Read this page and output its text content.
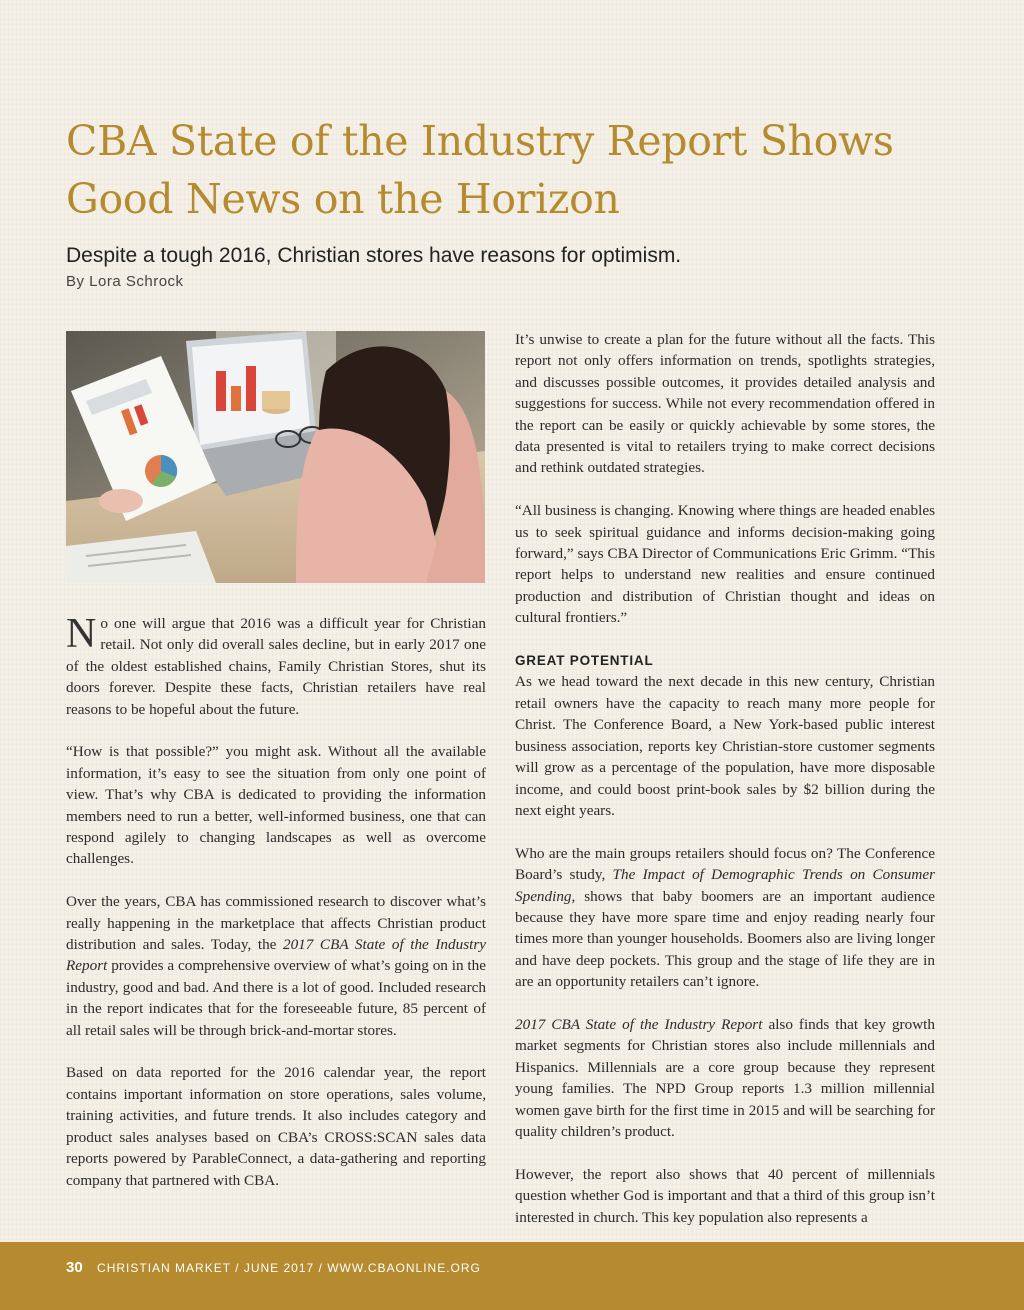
CBA State of the Industry Report Shows
Good News on the Horizon
Despite a tough 2016, Christian stores have reasons for optimism.
By Lora Schrock

No one will argue that 2016 was a difficult year for Christian retail. Not only did overall sales decline, but in early 2017 one of the oldest established chains, Family Christian Stores, shut its doors forever. Despite these facts, Christian retailers have real reasons to be hopeful about the future.

“How is that possible?” you might ask. Without all the available information, it’s easy to see the situation from only one point of view. That’s why CBA is dedicated to providing the information members need to run a better, well-informed business, one that can respond agilely to changing landscapes as well as overcome challenges.

Over the years, CBA has commissioned research to discover what’s really happening in the marketplace that affects Christian product distribution and sales. Today, the 2017 CBA State of the Industry Report provides a comprehensive overview of what’s going on in the industry, good and bad. And there is a lot of good. Included research in the report indicates that for the foreseeable future, 85 percent of all retail sales will be through brick-and-mortar stores.

Based on data reported for the 2016 calendar year, the report contains important information on store operations, sales volume, training activities, and future trends. It also includes category and product sales analyses based on CBA’s CROSS:SCAN sales data reports powered by ParableConnect, a data-gathering and reporting company that partnered with CBA.

It’s unwise to create a plan for the future without all the facts. This report not only offers information on trends, spotlights strategies, and discusses possible outcomes, it provides detailed analysis and suggestions for success. While not every recommendation offered in the report can be easily or quickly achievable by some stores, the data presented is vital to retailers trying to make correct decisions and rethink outdated strategies.

“All business is changing. Knowing where things are headed enables us to seek spiritual guidance and informs decision-making going forward,” says CBA Director of Communications Eric Grimm. “This report helps to understand new realities and ensure continued production and distribution of Christian thought and ideas on cultural frontiers.”

GREAT POTENTIAL

As we head toward the next decade in this new century, Christian retail owners have the capacity to reach many more people for Christ. The Conference Board, a New York-based public interest business association, reports key Christian-store customer segments will grow as a percentage of the population, have more disposable income, and could boost print-book sales by $2 billion during the next eight years.

Who are the main groups retailers should focus on? The Conference Board’s study, The Impact of Demographic Trends on Consumer Spending, shows that baby boomers are an important audience because they have more spare time and enjoy reading nearly four times more than younger households. Boomers also are living longer and have deep pockets. This group and the stage of life they are in are an opportunity retailers can’t ignore.

2017 CBA State of the Industry Report also finds that key growth market segments for Christian stores also include millennials and Hispanics. Millennials are a core group because they represent young families. The NPD Group reports 1.3 million millennial women gave birth for the first time in 2015 and will be searching for quality children’s product.

However, the report also shows that 40 percent of millennials question whether God is important and that a third of this group isn’t interested in church. This key population also represents a

30 CHRISTIAN MARKET / JUNE 2017 / WWW.CBAONLINE.ORG
